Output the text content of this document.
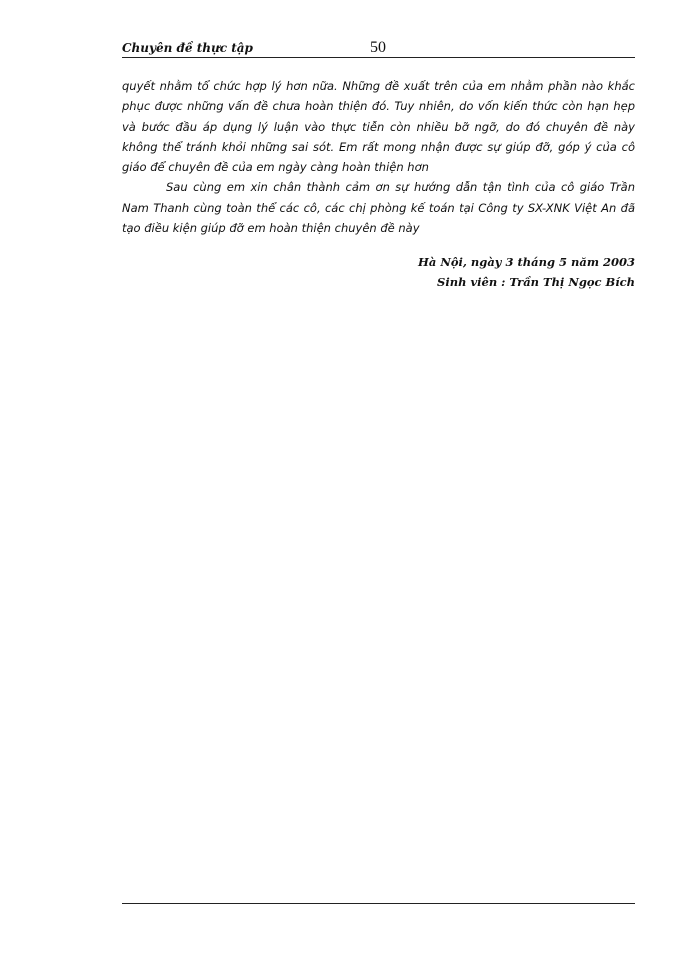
Chuyên đề thực tập	50

quyết nhằm tổ chức hợp lý hơn nữa. Những đề xuất trên của em nhằm phần nào khắc phục được những vấn đề chưa hoàn thiện đó. Tuy nhiên, do vốn kiến thức còn hạn hẹp và bước đầu áp dụng lý luận vào thực tiễn còn nhiều bỡ ngỡ, do đó chuyên đề này không thể tránh khỏi những sai sót. Em rất mong nhận được sự giúp đỡ, góp ý của cô giáo để chuyên đề của em ngày càng hoàn thiện hơn

Sau cùng em xin chân thành cảm ơn sự hướng dẫn tận tình của cô giáo Trần Nam Thanh cùng toàn thể các cô, các chị phòng kế toán tại Công ty SX-XNK Việt An đã tạo điều kiện giúp đỡ em hoàn thiện chuyên đề này

Hà Nội, ngày 3 tháng 5 năm 2003
Sinh viên : Trần Thị Ngọc Bích
